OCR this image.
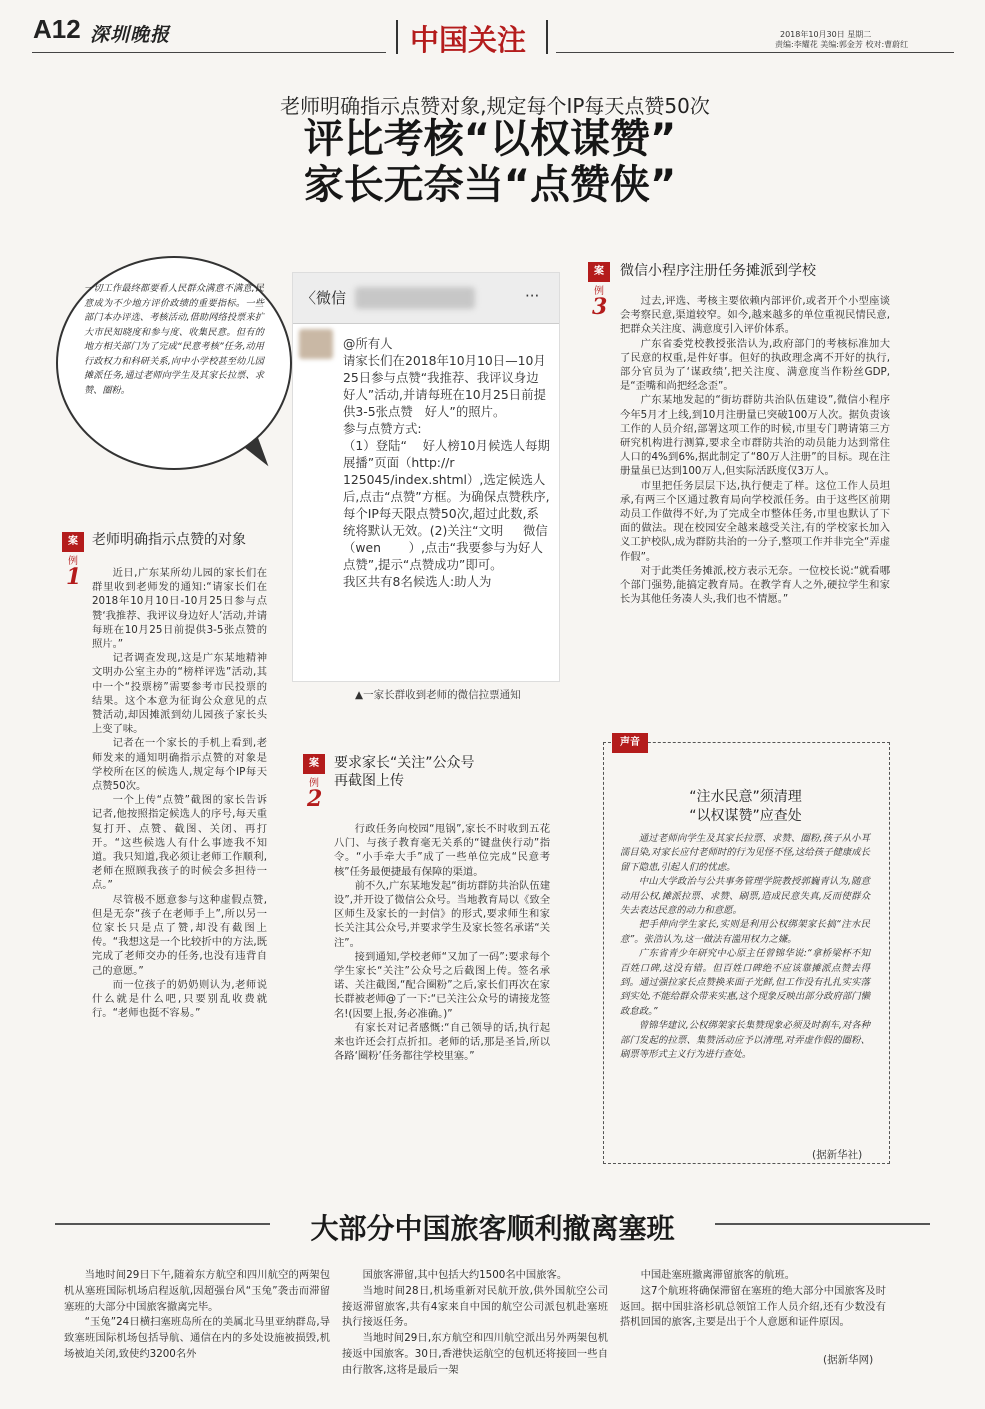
A12 深圳晚报	中国关注	2018年10月30日 星期二
责编:李耀花 美编:郭金芳 校对:曹蔚红
老师明确指示点赞对象,规定每个IP每天点赞50次
评比考核“以权谋赞”
家长无奈当“点赞侠”
一切工作最终都要看人民群众满意不满意,民意成为不少地方评价政绩的重要指标。一些部门本办评选、考核活动,借助网络投票来扩大市民知晓度和参与度、收集民意。但有的地方相关部门为了完成“民意考核”任务,动用行政权力和科研关系,向中小学校甚至幼儿园摊派任务,通过老师向学生及其家长拉票、求赞、圈粉。
〈微信	···
@所有人
请家长们在2018年10月10日—10月25日参与点赞“我推荐、我评议身边好人”活动,并请每班在10月25日前提供3-5张点赞   好人”的照片。
参与点赞方式:
（1）登陆“    好人榜10月候选人每期展播”页面（http://r           125045/index.shtml）,选定候选人后,点击“点赞”方框。为确保点赞秩序,每个IP每天限点赞50次,超过此数,系统将默认无效。(2)关注“文明     微信（wen       ）,点击“我要参与为好人点赞”,提示“点赞成功”即可。
我区共有8名候选人:助人为
▲一家长群收到老师的微信拉票通知
案
例
1
老师明确指示点赞的对象

近日,广东某所幼儿园的家长们在群里收到老师发的通知:“请家长们在2018年10月10日-10月25日参与点赞‘我推荐、我评议身边好人’活动,并请每班在10月25日前提供3-5张点赞的照片。”

记者调查发现,这是广东某地精神文明办公室主办的“榜样评选”活动,其中一个“投票榜”需要参考市民投票的结果。这个本意为征询公众意见的点赞活动,却因摊派到幼儿园孩子家长头上变了味。

记者在一个家长的手机上看到,老师发来的通知明确指示点赞的对象是学校所在区的候选人,规定每个IP每天点赞50次。

一个上传“点赞”截图的家长告诉记者,他按照指定候选人的序号,每天重复打开、点赞、截图、关闭、再打开。“这些候选人有什么事迹我不知道。我只知道,我必须让老师工作顺利,老师在照顾我孩子的时候会多担待一点。”

尽管极不愿意参与这种虚假点赞,但是无奈“孩子在老师手上”,所以另一位家长只是点了赞,却没有截图上传。“我想这是一个比较折中的方法,既完成了老师交办的任务,也没有违背自己的意愿。”

而一位孩子的奶奶则认为,老师说什么就是什么吧,只要别乱收费就行。“老师也挺不容易。”

案
例
2
要求家长“关注”公众号
再截图上传

行政任务向校园“甩锅”,家长不时收到五花八门、与孩子教育毫无关系的“键盘侠行动”指令。“小手牵大手”成了一些单位完成“民意考核”任务最便捷最有保障的渠道。

前不久,广东某地发起“街坊群防共治队伍建设”,并开设了微信公众号。当地教育局以《致全区师生及家长的一封信》的形式,要求师生和家长关注其公众号,并要求学生及家长签名承诺“关注”。

接到通知,学校老师“又加了一码”:要求每个学生家长“关注”公众号之后截图上传。签名承诺、关注截图,“配合圈粉”之后,家长们再次在家长群被老师@了一下:“已关注公众号的请接龙签名!(因要上报,务必准确。)”

有家长对记者感慨:“自己领导的话,执行起来也许还会打点折扣。老师的话,那是圣旨,所以各路‘圈粉’任务都往学校里塞。”

案
例
3
微信小程序注册任务摊派到学校

过去,评选、考核主要依赖内部评价,或者开个小型座谈会考察民意,渠道较窄。如今,越来越多的单位重视民情民意,把群众关注度、满意度引入评价体系。

广东省委党校教授张浩认为,政府部门的考核标准加大了民意的权重,是件好事。但好的执政理念离不开好的执行,部分官员为了‘谋政绩’,把关注度、满意度当作粉丝GDP,是“歪嘴和尚把经念歪”。

广东某地发起的“街坊群防共治队伍建设”,微信小程序今年5月才上线,到10月注册量已突破100万人次。据负责该工作的人员介绍,部署这项工作的时候,市里专门聘请第三方研究机构进行测算,要求全市群防共治的动员能力达到常住人口的4%到6%,据此制定了“80万人注册”的目标。现在注册量虽已达到100万人,但实际活跃度仅3万人。

市里把任务层层下达,执行便走了样。这位工作人员坦承,有两三个区通过教育局向学校派任务。由于这些区前期动员工作做得不好,为了完成全市整体任务,市里也默认了下面的做法。现在校园安全越来越受关注,有的学校家长加入义工护校队,成为群防共治的一分子,整项工作并非完全“弄虚作假”。

对于此类任务摊派,校方表示无奈。一位校长说:“就看哪个部门强势,能搞定教育局。在教学育人之外,硬拉学生和家长为其他任务凑人头,我们也不情愿。”

声音
“注水民意”须清理
“以权谋赞”应查处

通过老师向学生及其家长拉票、求赞、圈粉,孩子从小耳濡目染,对家长应付老师时的行为见怪不怪,这给孩子健康成长留下隐患,引起人们的忧虑。

中山大学政治与公共事务管理学院教授郭巍青认为,随意动用公权,摊派拉票、求赞、刷票,造成民意失真,反而使群众失去表达民意的动力和意愿。

把手伸向学生家长,实则是利用公权绑架家长搞“注水民意”。张浩认为,这一做法有滥用权力之嫌。

广东省青少年研究中心原主任曾锦华说:“拿桥梁杯不知百姓口碑,这没有错。但百姓口碑绝不应该靠摊派点赞去得到。通过强拉家长点赞换来面子光鲜,但工作没有扎扎实实落到实处,不能给群众带来实惠,这个现象反映出部分政府部门懒政怠政。”

曾锦华建议,公权绑架家长集赞现象必须及时刹车,对各种部门发起的拉票、集赞活动应予以清理,对弄虚作假的圈粉、刷票等形式主义行为进行查处。

(据新华社)
大部分中国旅客顺利撤离塞班

当地时间29日下午,随着东方航空和四川航空的两架包机从塞班国际机场启程返航,因超强台风“玉兔”袭击而滞留塞班的大部分中国旅客撤离完毕。

“玉兔”24日横扫塞班岛所在的美属北马里亚纳群岛,导致塞班国际机场包括导航、通信在内的多处设施被损毁,机场被迫关闭,致使约3200名外

国旅客滞留,其中包括大约1500名中国旅客。

当地时间28日,机场重新对民航开放,供外国航空公司接返滞留旅客,共有4家来自中国的航空公司派包机赴塞班执行接返任务。

当地时间29日,东方航空和四川航空派出另外两架包机接返中国旅客。30日,香港快运航空的包机还将接回一些自由行散客,这将是最后一架

中国赴塞班撤离滞留旅客的航班。

这7个航班将确保滞留在塞班的绝大部分中国旅客及时返回。据中国驻洛杉矶总领馆工作人员介绍,还有少数没有搭机回国的旅客,主要是出于个人意愿和证件原因。

(据新华网)
